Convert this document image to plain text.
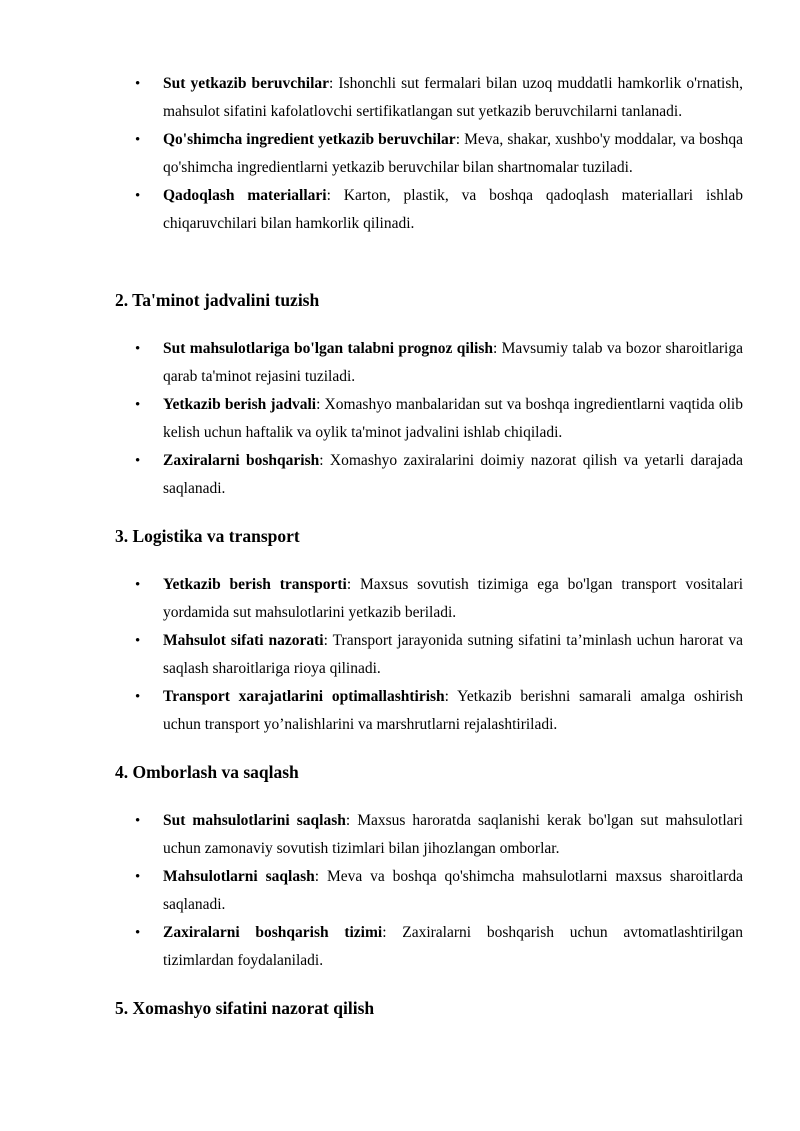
• Sut yetkazib beruvchilar: Ishonchli sut fermalari bilan uzoq muddatli hamkorlik o'rnatish, mahsulot sifatini kafolatlovchi sertifikatlangan sut yetkazib beruvchilarni tanlanadi.
• Qo'shimcha ingredient yetkazib beruvchilar: Meva, shakar, xushbo'y moddalar, va boshqa qo'shimcha ingredientlarni yetkazib beruvchilar bilan shartnomalar tuziladi.
• Qadoqlash materiallari: Karton, plastik, va boshqa qadoqlash materiallari ishlab chiqaruvchilari bilan hamkorlik qilinadi.
2. Ta'minot jadvalini tuzish
• Sut mahsulotlariga bo'lgan talabni prognoz qilish: Mavsumiy talab va bozor sharoitlariga qarab ta'minot rejasini tuziladi.
• Yetkazib berish jadvali: Xomashyo manbalaridan sut va boshqa ingredientlarni vaqtida olib kelish uchun haftalik va oylik ta'minot jadvalini ishlab chiqiladi.
• Zaxiralarni boshqarish: Xomashyo zaxiralarini doimiy nazorat qilish va yetarli darajada saqlanadi.
3. Logistika va transport
• Yetkazib berish transporti: Maxsus sovutish tizimiga ega bo'lgan transport vositalari yordamida sut mahsulotlarini yetkazib beriladi.
• Mahsulot sifati nazorati: Transport jarayonida sutning sifatini ta’minlash uchun harorat va saqlash sharoitlariga rioya qilinadi.
• Transport xarajatlarini optimallashtirish: Yetkazib berishni samarali amalga oshirish uchun transport yo’nalishlarini va marshrutlarni rejalashtiriladi.
4. Omborlash va saqlash
• Sut mahsulotlarini saqlash: Maxsus haroratda saqlanishi kerak bo'lgan sut mahsulotlari uchun zamonaviy sovutish tizimlari bilan jihozlangan omborlar.
• Mahsulotlarni saqlash: Meva va boshqa qo'shimcha mahsulotlarni maxsus sharoitlarda saqlanadi.
• Zaxiralarni boshqarish tizimi: Zaxiralarni boshqarish uchun avtomatlashtirilgan tizimlardan foydalaniladi.
5. Xomashyo sifatini nazorat qilish
